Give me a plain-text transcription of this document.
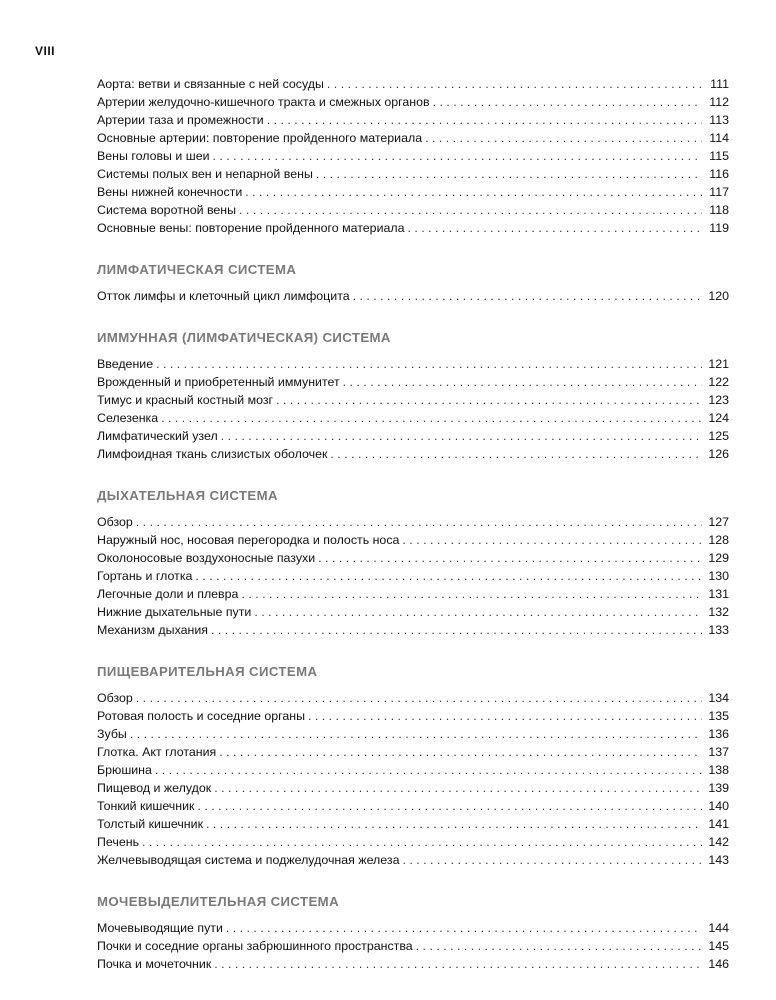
VIII
Аорта: ветви и связанные с ней сосуды . . .	111
Артерии желудочно-кишечного тракта и смежных органов . . .	112
Артерии таза и промежности . . .	113
Основные артерии: повторение пройденного материала . . .	114
Вены головы и шеи . . .	115
Системы полых вен и непарной вены . . .	116
Вены нижней конечности . . .	117
Система воротной вены . . .	118
Основные вены: повторение пройденного материала . . .	119
ЛИМФАТИЧЕСКАЯ СИСТЕМА
Отток лимфы и клеточный цикл лимфоцита . . .	120
ИММУННАЯ (ЛИМФАТИЧЕСКАЯ) СИСТЕМА
Введение . . .	121
Врожденный и приобретенный иммунитет . . .	122
Тимус и красный костный мозг . . .	123
Селезенка . . .	124
Лимфатический узел . . .	125
Лимфоидная ткань слизистых оболочек . . .	126
ДЫХАТЕЛЬНАЯ СИСТЕМА
Обзор . . .	127
Наружный нос, носовая перегородка и полость носа . . .	128
Околоносовые воздухоносные пазухи . . .	129
Гортань и глотка . . .	130
Легочные доли и плевра . . .	131
Нижние дыхательные пути . . .	132
Механизм дыхания . . .	133
ПИЩЕВАРИТЕЛЬНАЯ СИСТЕМА
Обзор . . .	134
Ротовая полость и соседние органы . . .	135
Зубы . . .	136
Глотка. Акт глотания . . .	137
Брюшина . . .	138
Пищевод и желудок . . .	139
Тонкий кишечник . . .	140
Толстый кишечник . . .	141
Печень . . .	142
Желчевыводящая система и поджелудочная железа . . .	143
МОЧЕВЫДЕЛИТЕЛЬНАЯ СИСТЕМА
Мочевыводящие пути . . .	144
Почки и соседние органы забрюшинного пространства . . .	145
Почка и мочеточник . . .	146
